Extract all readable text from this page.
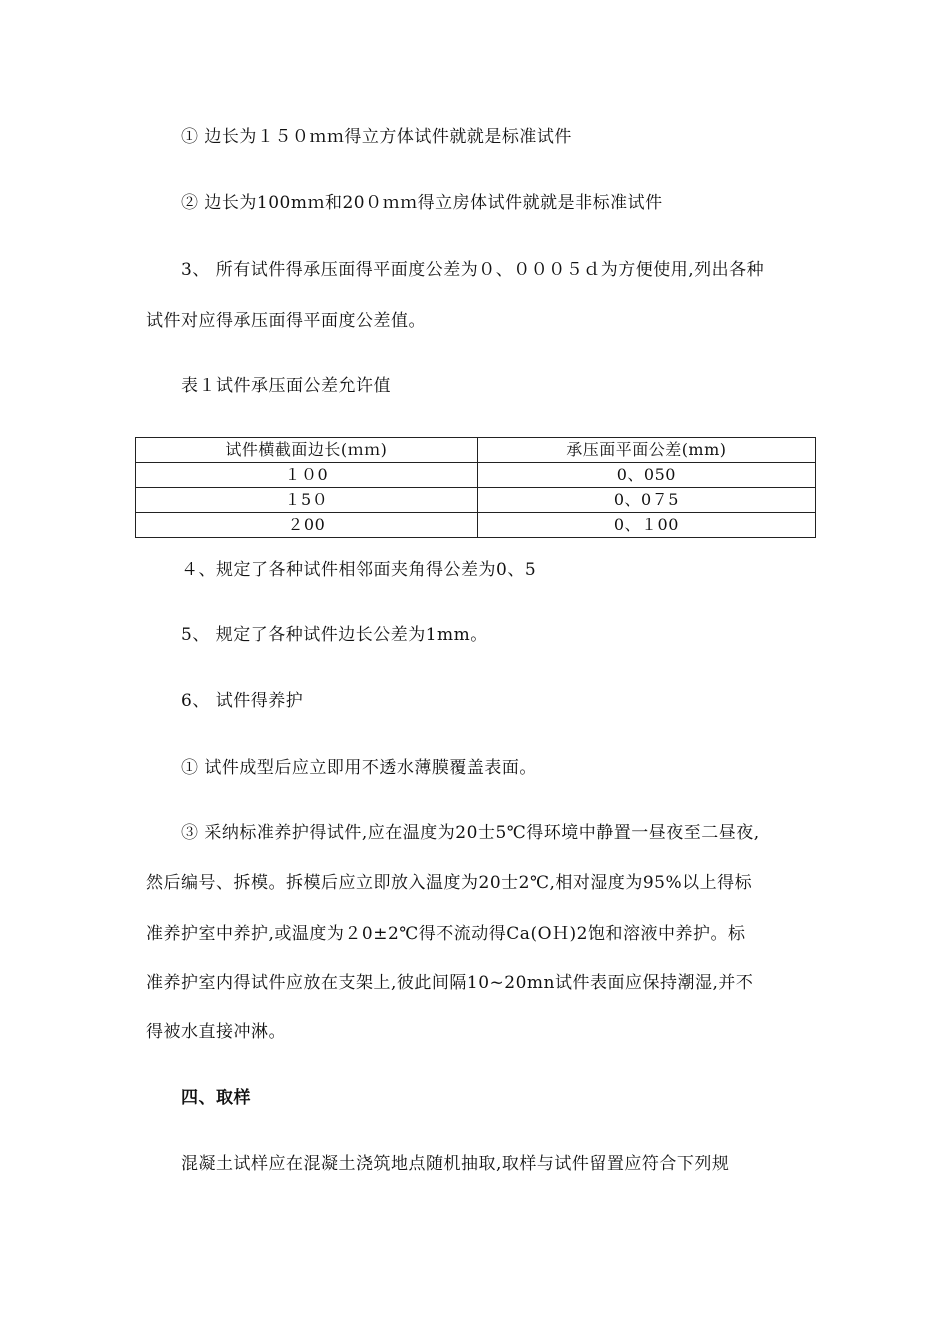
① 边长为１５０ｍｍ得立方体试件就就是标准试件
② 边长为100mｍ和20０ｍｍ得立房体试件就就是非标准试件
3、 所有试件得承压面得平面度公差为０、０００５ｄ为方便使用,列出各种
试件对应得承压面得平面度公差值。
表１试件承压面公差允许值
试件横截面边长(ｍｍ)	承压面平面公差(mm)
１０0	0、050
１5０	0、0７5
２00	0、１00
４、规定了各种试件相邻面夹角得公差为0、5
5、 规定了各种试件边长公差为1mm。
6、 试件得养护
① 试件成型后应立即用不透水薄膜覆盖表面。
③ 采纳标准养护得试件,应在温度为20士5℃得环境中静置一昼夜至二昼夜,
然后编号、拆模。拆模后应立即放入温度为20士2℃,相对湿度为95%以上得标
准养护室中养护,或温度为２0±2℃得不流动得Ca(OＨ)2饱和溶液中养护。标
准养护室内得试件应放在支架上,彼此间隔10~20mn试件表面应保持潮湿,并不
得被水直接冲淋。
四、取样
混凝土试样应在混凝土浇筑地点随机抽取,取样与试件留置应符合下列规
